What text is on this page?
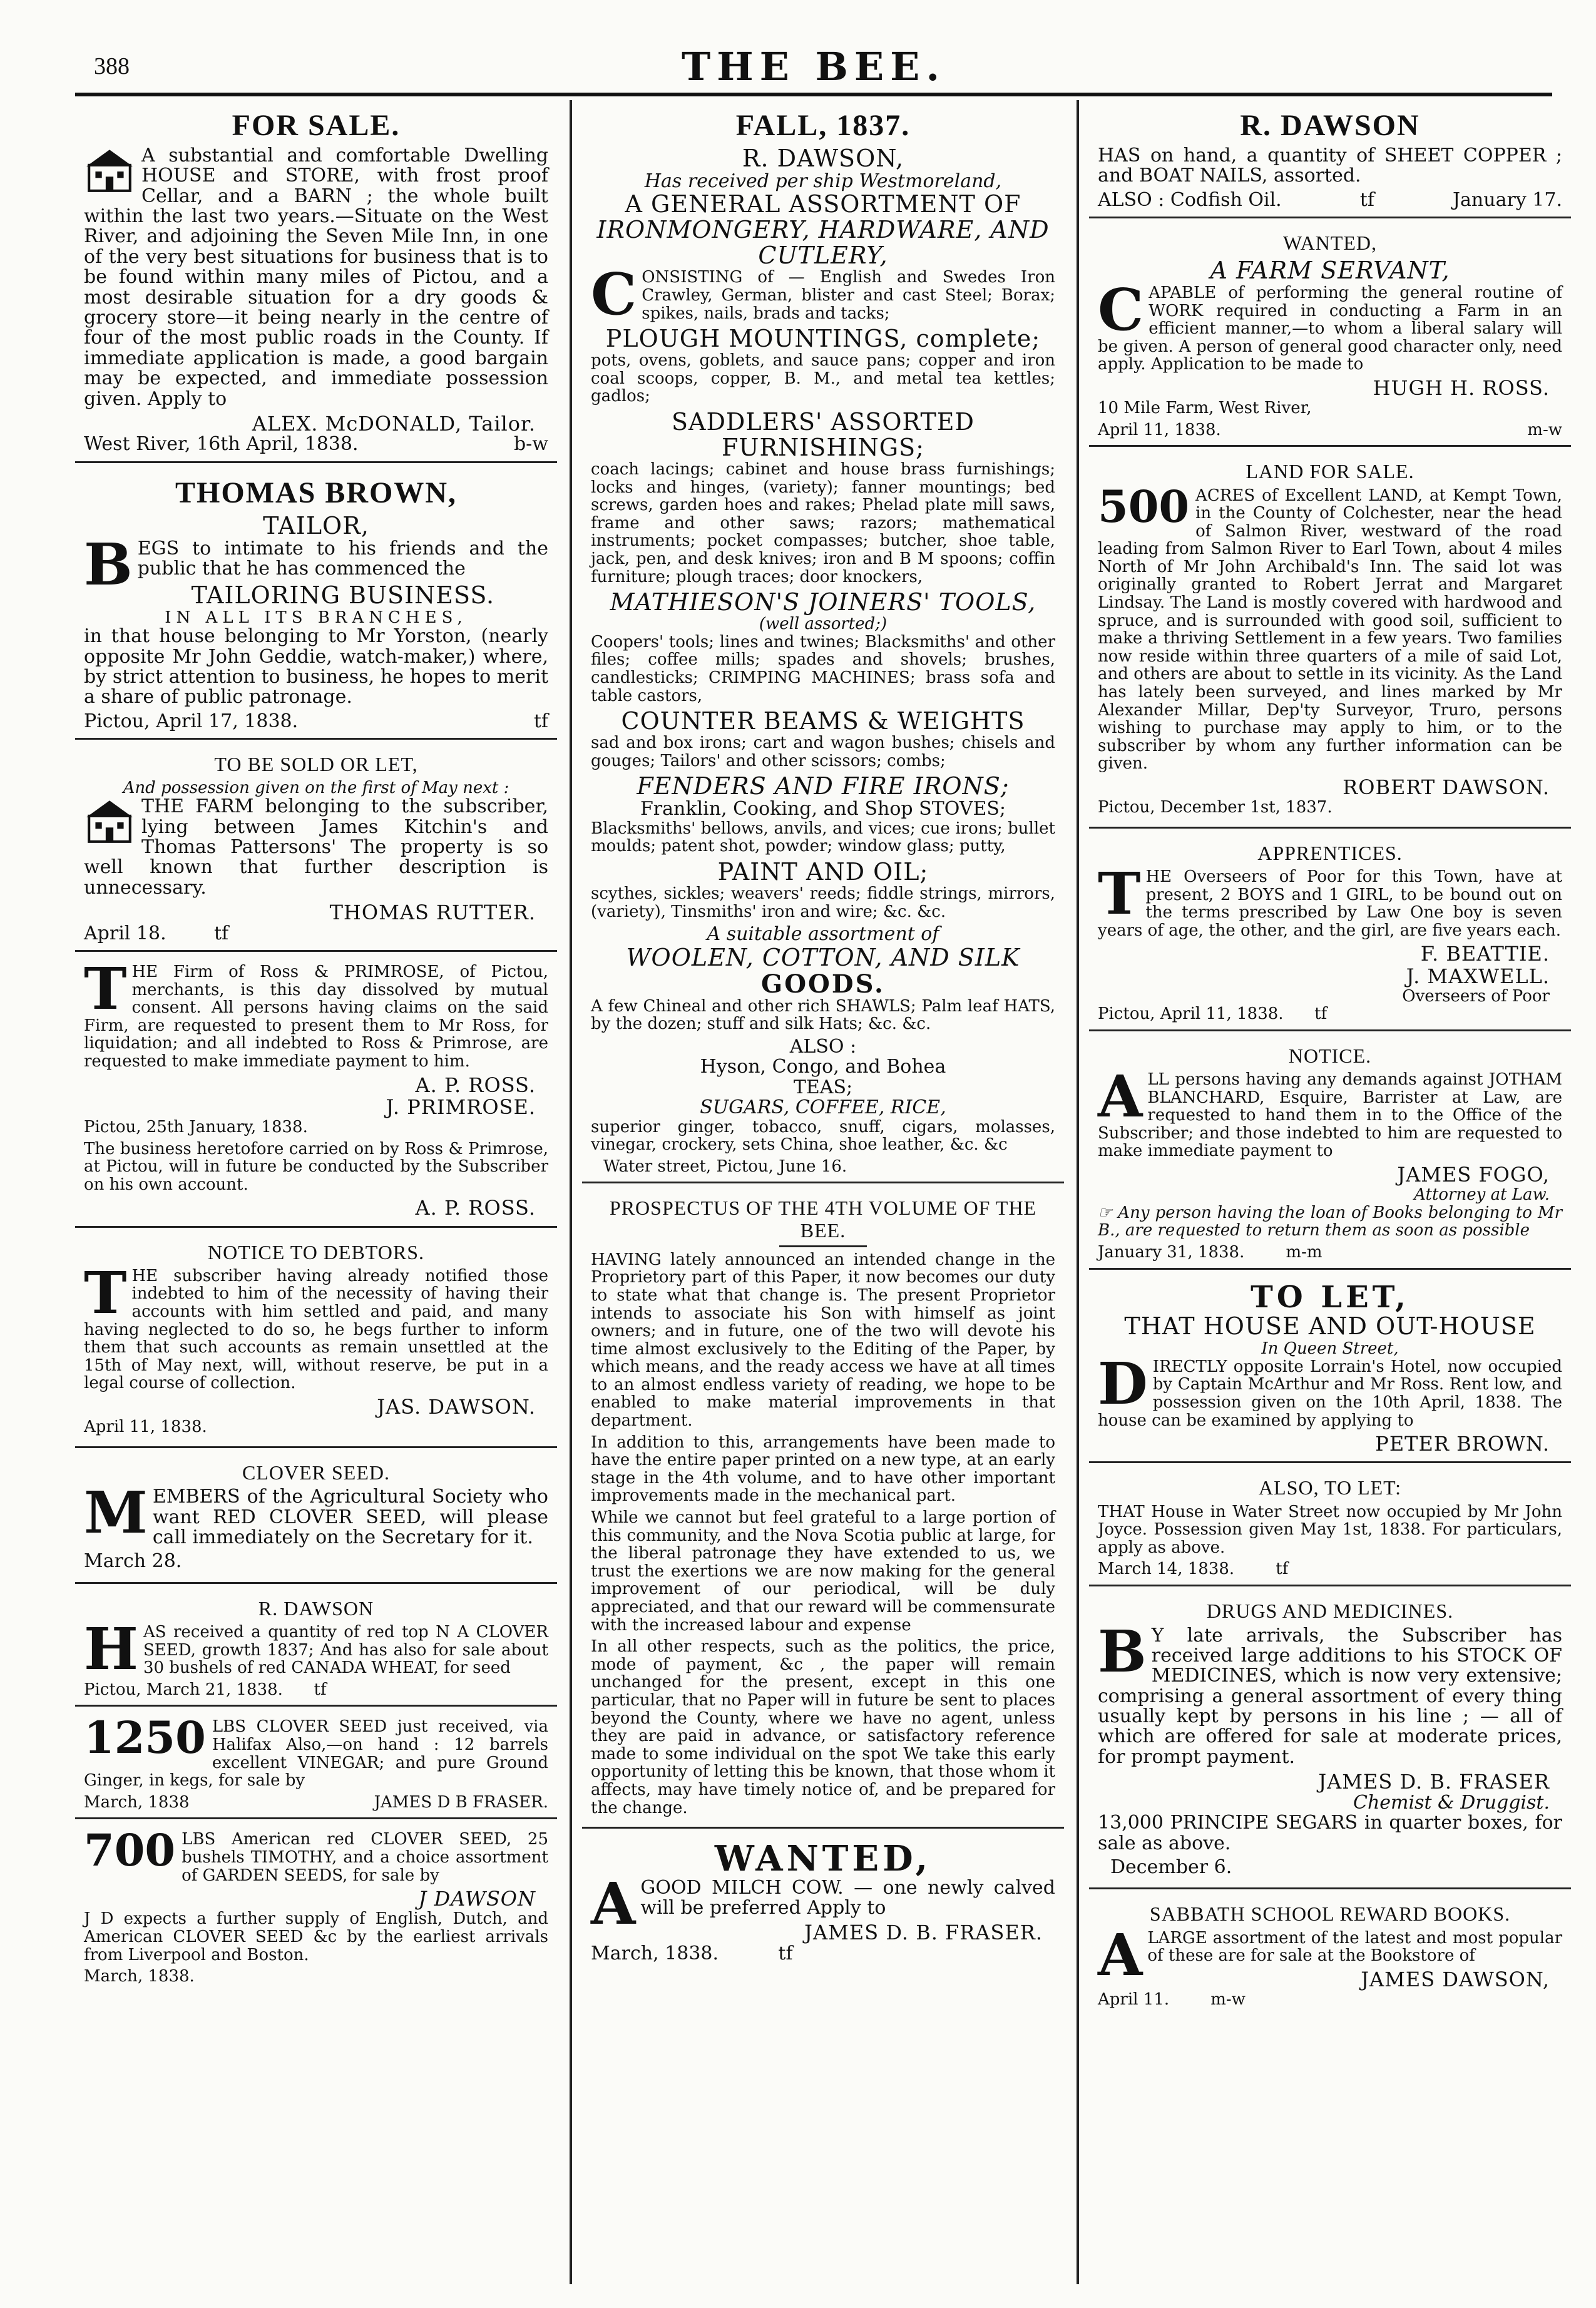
388	THE BEE.
FOR SALE.

A substantial and comfortable Dwelling HOUSE and STORE, with frost proof Cellar, and a BARN ; the whole built within the last two years.—Situate on the West River, and adjoining the Seven Mile Inn, in one of the very best situations for business that is to be found within many miles of Pictou, and a most desirable situation for a dry goods & grocery store—it being nearly in the centre of four of the most public roads in the County. If immediate application is made, a good bargain may be expected, and immediate possession given. Apply to

ALEX. McDONALD, Tailor.
West River, 16th April, 1838.	b-w
THOMAS BROWN,
TAILOR,
B EGS to intimate to his friends and the public that he has commenced the

TAILORING BUSINESS.
IN ALL ITS BRANCHES,

in that house belonging to Mr Yorston, (nearly opposite Mr John Geddie, watch-maker,) where, by strict attention to business, he hopes to merit a share of public patronage.

Pictou, April 17, 1838.	tf
TO BE SOLD OR LET,
And possession given on the first of May next :

THE FARM belonging to the subscriber, lying between James Kitchin's and Thomas Pattersons' The property is so well known that further description is unnecessary.

THOMAS RUTTER.
April 18.	tf
T HE Firm of Ross & PRIMROSE, of Pictou, merchants, is this day dissolved by mutual consent. All persons having claims on the said Firm, are requested to present them to Mr Ross, for liquidation; and all indebted to Ross & Primrose, are requested to make immediate payment to him.

A. P. ROSS.
J. PRIMROSE.

Pictou, 25th January, 1838.

The business heretofore carried on by Ross & Primrose, at Pictou, will in future be conducted by the Subscriber on his own account.

A. P. ROSS.
NOTICE TO DEBTORS.
T HE subscriber having already notified those indebted to him of the necessity of having their accounts with him settled and paid, and many having neglected to do so, he begs further to inform them that such accounts as remain unsettled at the 15th of May next, will, without reserve, be put in a legal course of collection.

JAS. DAWSON.

April 11, 1838.

CLOVER SEED.
M EMBERS of the Agricultural Society who want RED CLOVER SEED, will please call immediately on the Secretary for it.

March 28.

R. DAWSON
H AS received a quantity of red top N A CLOVER SEED, growth 1837; And has also for sale about 30 bushels of red CANADA WHEAT, for seed

Pictou, March 21, 1838. tf
1250 LBS CLOVER SEED just received, via Halifax Also,—on hand : 12 barrels excellent VINEGAR; and pure Ground Ginger, in kegs, for sale by

March, 1838	JAMES D B FRASER.
700 LBS American red CLOVER SEED, 25 bushels TIMOTHY, and a choice assortment of GARDEN SEEDS, for sale by

J DAWSON

J D expects a further supply of English, Dutch, and American CLOVER SEED &c by the earliest arrivals from Liverpool and Boston.

March, 1838.

FALL, 1837.
R. DAWSON,
Has received per ship Westmoreland,
A GENERAL ASSORTMENT OF
IRONMONGERY, HARDWARE, AND CUTLERY,
C ONSISTING of — English and Swedes Iron Crawley, German, blister and cast Steel; Borax; spikes, nails, brads and tacks;

PLOUGH MOUNTINGS, complete;

pots, ovens, goblets, and sauce pans; copper and iron coal scoops, copper, B. M., and metal tea kettles; gadlos;

SADDLERS' ASSORTED FURNISHINGS;

coach lacings; cabinet and house brass furnishings; locks and hinges, (variety); fanner mountings; bed screws, garden hoes and rakes; Phelad plate mill saws, frame and other saws; razors; mathematical instruments; pocket compasses; butcher, shoe table, jack, pen, and desk knives; iron and B M spoons; coffin furniture; plough traces; door knockers,

MATHIESON'S JOINERS' TOOLS,
(well assorted;)

Coopers' tools; lines and twines; Blacksmiths' and other files; coffee mills; spades and shovels; brushes, candlesticks; CRIMPING MACHINES; brass sofa and table castors,

COUNTER BEAMS & WEIGHTS

sad and box irons; cart and wagon bushes; chisels and gouges; Tailors' and other scissors; combs;

FENDERS AND FIRE IRONS;
Franklin, Cooking, and Shop STOVES;

Blacksmiths' bellows, anvils, and vices; cue irons; bullet moulds; patent shot, powder; window glass; putty,

PAINT AND OIL;

scythes, sickles; weavers' reeds; fiddle strings, mirrors, (variety), Tinsmiths' iron and wire; &c. &c.

A suitable assortment of
WOOLEN, COTTON, AND SILK
GOODS.

A few Chineal and other rich SHAWLS; Palm leaf HATS, by the dozen; stuff and silk Hats; &c. &c.

ALSO :
Hyson, Congo, and Bohea
TEAS;
SUGARS, COFFEE, RICE,

superior ginger, tobacco, snuff, cigars, molasses, vinegar, crockery, sets China, shoe leather, &c. &c

Water street, Pictou, June 16.
PROSPECTUS OF THE 4TH VOLUME OF THE BEE.

HAVING lately announced an intended change in the Proprietory part of this Paper, it now becomes our duty to state what that change is. The present Proprietor intends to associate his Son with himself as joint owners; and in future, one of the two will devote his time almost exclusively to the Editing of the Paper, by which means, and the ready access we have at all times to an almost endless variety of reading, we hope to be enabled to make material improvements in that department.

In addition to this, arrangements have been made to have the entire paper printed on a new type, at an early stage in the 4th volume, and to have other important improvements made in the mechanical part.

While we cannot but feel grateful to a large portion of this community, and the Nova Scotia public at large, for the liberal patronage they have extended to us, we trust the exertions we are now making for the general improvement of our periodical, will be duly appreciated, and that our reward will be commensurate with the increased labour and expense

In all other respects, such as the politics, the price, mode of payment, &c , the paper will remain unchanged for the present, except in this one particular, that no Paper will in future be sent to places beyond the County, where we have no agent, unless they are paid in advance, or satisfactory reference made to some individual on the spot We take this early opportunity of letting this be known, that those whom it affects, may have timely notice of, and be prepared for the change.

WANTED,
A GOOD MILCH COW. — one newly calved will be preferred Apply to

JAMES D. B. FRASER.
March, 1838.	tf
R. DAWSON

HAS on hand, a quantity of SHEET COPPER ; and BOAT NAILS, assorted.

ALSO : Codfish Oil.	tf	January 17.
WANTED,
A FARM SERVANT,
C APABLE of performing the general routine of WORK required in conducting a Farm in an efficient manner,—to whom a liberal salary will be given. A person of general good character only, need apply. Application to be made to

HUGH H. ROSS.

10 Mile Farm, West River,

April 11, 1838.	m-w
LAND FOR SALE.
500 ACRES of Excellent LAND, at Kempt Town, in the County of Colchester, near the head of Salmon River, westward of the road leading from Salmon River to Earl Town, about 4 miles North of Mr John Archibald's Inn. The said lot was originally granted to Robert Jerrat and Margaret Lindsay. The Land is mostly covered with hardwood and spruce, and is surrounded with good soil, sufficient to make a thriving Settlement in a few years. Two families now reside within three quarters of a mile of said Lot, and others are about to settle in its vicinity. As the Land has lately been surveyed, and lines marked by Mr Alexander Millar, Dep'ty Surveyor, Truro, persons wishing to purchase may apply to him, or to the subscriber by whom any further information can be given.

ROBERT DAWSON.

Pictou, December 1st, 1837.

APPRENTICES.
T HE Overseers of Poor for this Town, have at present, 2 BOYS and 1 GIRL, to be bound out on the terms prescribed by Law One boy is seven years of age, the other, and the girl, are five years each.

F. BEATTIE.
J. MAXWELL.
Overseers of Poor
Pictou, April 11, 1838. tf
NOTICE.
A LL persons having any demands against JOTHAM BLANCHARD, Esquire, Barrister at Law, are requested to hand them in to the Office of the Subscriber; and those indebted to him are requested to make immediate payment to

JAMES FOGO,
Attorney at Law.

☞ Any person having the loan of Books belonging to Mr B., are requested to return them as soon as possible

January 31, 1838.	m-m
TO LET,
THAT HOUSE AND OUT-HOUSE
In Queen Street,
D IRECTLY opposite Lorrain's Hotel, now occupied by Captain McArthur and Mr Ross. Rent low, and possession given on the 10th April, 1838. The house can be examined by applying to

PETER BROWN.
ALSO, TO LET:

THAT House in Water Street now occupied by Mr John Joyce. Possession given May 1st, 1838. For particulars, apply as above.

March 14, 1838.	tf
DRUGS AND MEDICINES.
B Y late arrivals, the Subscriber has received large additions to his STOCK OF MEDICINES, which is now very extensive; comprising a general assortment of every thing usually kept by persons in his line ; — all of which are offered for sale at moderate prices, for prompt payment.

JAMES D. B. FRASER
Chemist & Druggist.

13,000 PRINCIPE SEGARS in quarter boxes, for sale as above.

December 6.

SABBATH SCHOOL REWARD BOOKS.
A LARGE assortment of the latest and most popular of these are for sale at the Bookstore of

JAMES DAWSON,
April 11.	m-w
